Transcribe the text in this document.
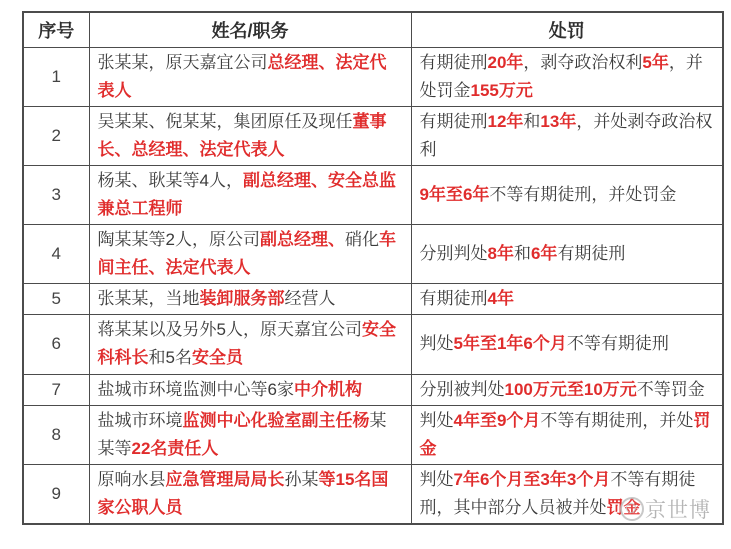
序号	姓名/职务	处罚
1	张某某，原天嘉宜公司总经理、法定代表人	有期徒刑20年，剥夺政治权利5年，并处罚金155万元
2	吴某某、倪某某，集团原任及现任董事长、总经理、法定代表人	有期徒刑12年和13年，并处剥夺政治权利
3	杨某、耿某等4人，副总经理、安全总监兼总工程师	9年至6年不等有期徒刑，并处罚金
4	陶某某等2人，原公司副总经理、硝化车间主任、法定代表人	分别判处8年和6年有期徒刑
5	张某某，当地装卸服务部经营人	有期徒刑4年
6	蒋某某以及另外5人，原天嘉宜公司安全科科长和5名安全员	判处5年至1年6个月不等有期徒刑
7	盐城市环境监测中心等6家中介机构	分别被判处100万元至10万元不等罚金
8	盐城市环境监测中心化验室副主任杨某某等22名责任人	判处4年至9个月不等有期徒刑，并处罚金
9	原响水县应急管理局局长孙某等15名国家公职人员	判处7年6个月至3年3个月不等有期徒刑，其中部分人员被并处罚金 京世博
